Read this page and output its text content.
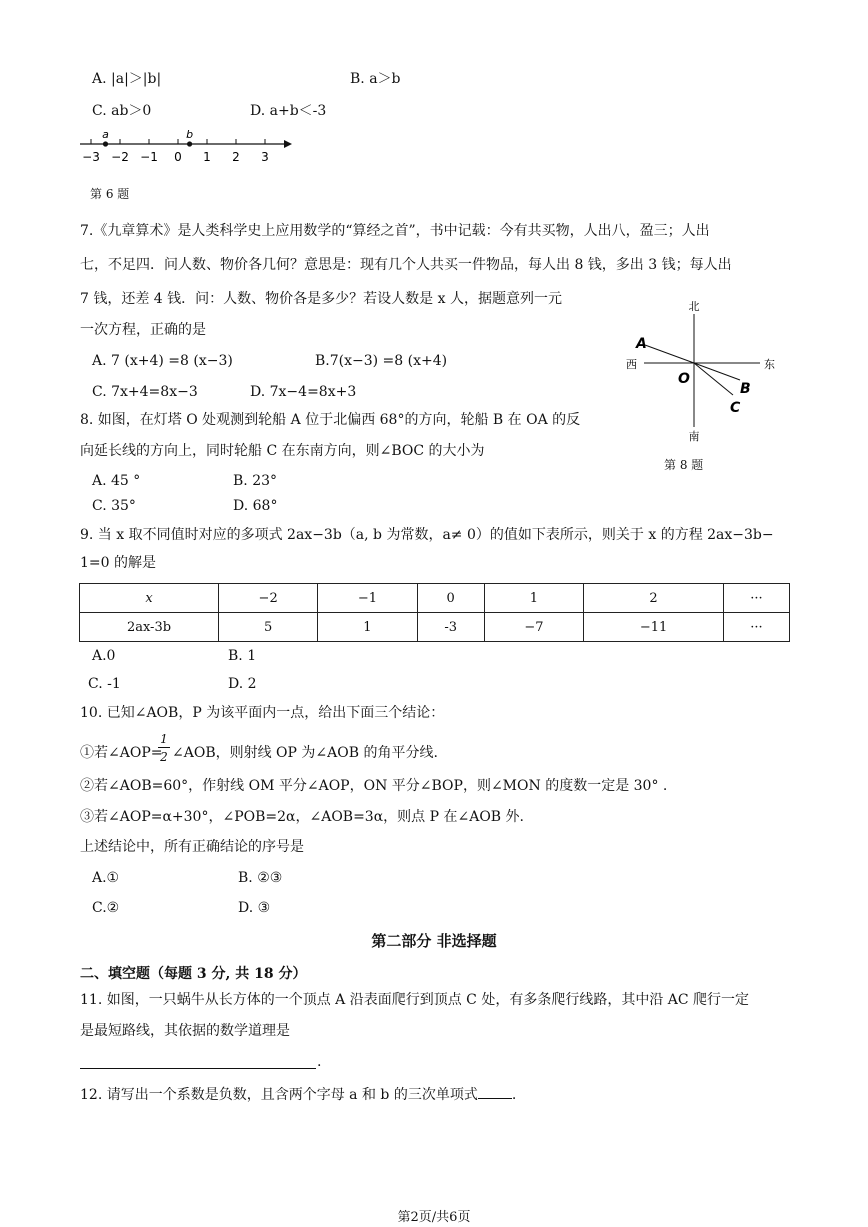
A. |a|＞|b|	B. a＞b
C. ab＞0	D. a+b＜-3
−3 −2 −1 0 1 2 3
a	b
第 6 题
7.《九章算术》是人类科学史上应用数学的“算经之首”，书中记载：今有共买物，人出八，盈三；人出
七，不足四．问人数、物价各几何？意思是：现有几个人共买一件物品，每人出 8 钱，多出 3 钱；每人出
7 钱，还差 4 钱．问：人数、物价各是多少？若设人数是 x 人，据题意列一元
一次方程，正确的是
A. 7 (x+4) =8 (x−3)	B.7(x−3) =8 (x+4)
C. 7x+4=8x−3	D. 7x−4=8x+3
8. 如图，在灯塔 O 处观测到轮船 A 位于北偏西 68°的方向，轮船 B 在 OA 的反
向延长线的方向上，同时轮船 C 在东南方向，则∠BOC 的大小为
A. 45 °	B. 23°
C. 35°	D. 68°
北
南
西	东
A
O
B
C
第 8 题
9. 当 x 取不同值时对应的多项式 2ax−3b（a, b 为常数，a≠ 0）的值如下表所示，则关于 x 的方程 2ax−3b−
1=0 的解是
x	−2	−1	0	1	2	···
2ax-3b	5	1	-3	−7	−11	···
A.0	B. 1
C. -1	D. 2
10. 已知∠AOB，P 为该平面内一点，给出下面三个结论：
①若∠AOP=
1
2 ∠AOB，则射线 OP 为∠AOB 的角平分线.
②若∠AOB=60°，作射线 OM 平分∠AOP，ON 平分∠BOP，则∠MON 的度数一定是 30° .
③若∠AOP=α+30°，∠POB=2α，∠AOB=3α，则点 P 在∠AOB 外.
上述结论中，所有正确结论的序号是
A.①	B. ②③
C.②	D. ③
第二部分 非选择题
二、填空题（每题 3 分, 共 18 分）
11. 如图，一只蜗牛从长方体的一个顶点 A 沿表面爬行到顶点 C 处，有多条爬行线路，其中沿 AC 爬行一定
是最短路线，其依据的数学道理是
.
12. 请写出一个系数是负数，且含两个字母 a 和 b 的三次单项式 .
第2页/共6页
